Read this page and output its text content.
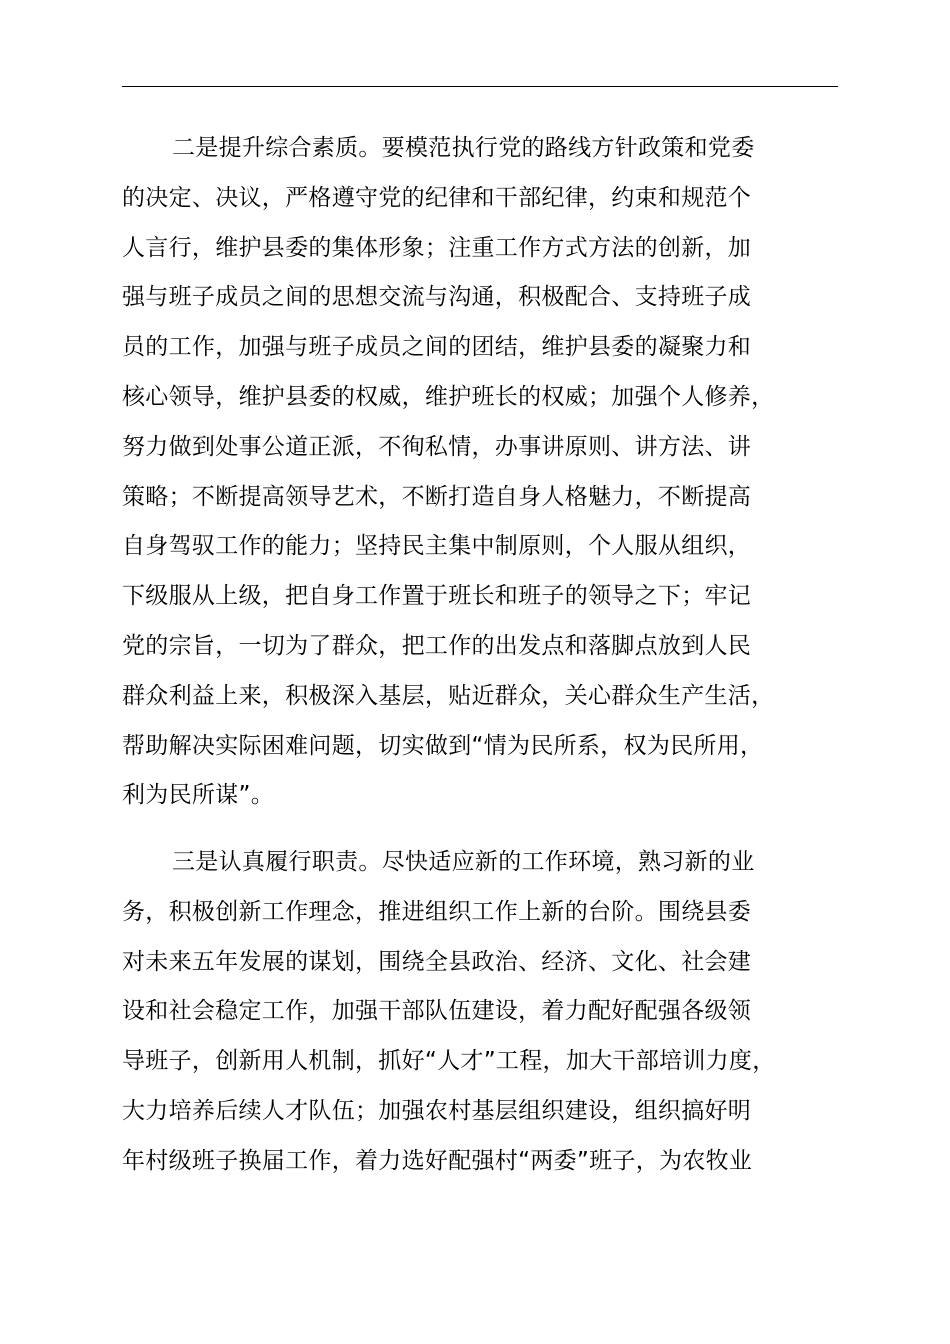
二是提升综合素质。要模范执行党的路线方针政策和党委
的决定、决议，严格遵守党的纪律和干部纪律，约束和规范个
人言行，维护县委的集体形象；注重工作方式方法的创新，加
强与班子成员之间的思想交流与沟通，积极配合、支持班子成
员的工作，加强与班子成员之间的团结，维护县委的凝聚力和
核心领导，维护县委的权威，维护班长的权威；加强个人修养，
努力做到处事公道正派，不徇私情，办事讲原则、讲方法、讲
策略；不断提高领导艺术，不断打造自身人格魅力，不断提高
自身驾驭工作的能力；坚持民主集中制原则，个人服从组织，
下级服从上级，把自身工作置于班长和班子的领导之下；牢记
党的宗旨，一切为了群众，把工作的出发点和落脚点放到人民
群众利益上来，积极深入基层，贴近群众，关心群众生产生活，
帮助解决实际困难问题，切实做到“情为民所系，权为民所用，
利为民所谋”。
三是认真履行职责。尽快适应新的工作环境，熟习新的业
务，积极创新工作理念，推进组织工作上新的台阶。围绕县委
对未来五年发展的谋划，围绕全县政治、经济、文化、社会建
设和社会稳定工作，加强干部队伍建设，着力配好配强各级领
导班子，创新用人机制，抓好“人才”工程，加大干部培训力度，
大力培养后续人才队伍；加强农村基层组织建设，组织搞好明
年村级班子换届工作，着力选好配强村“两委”班子，为农牧业
